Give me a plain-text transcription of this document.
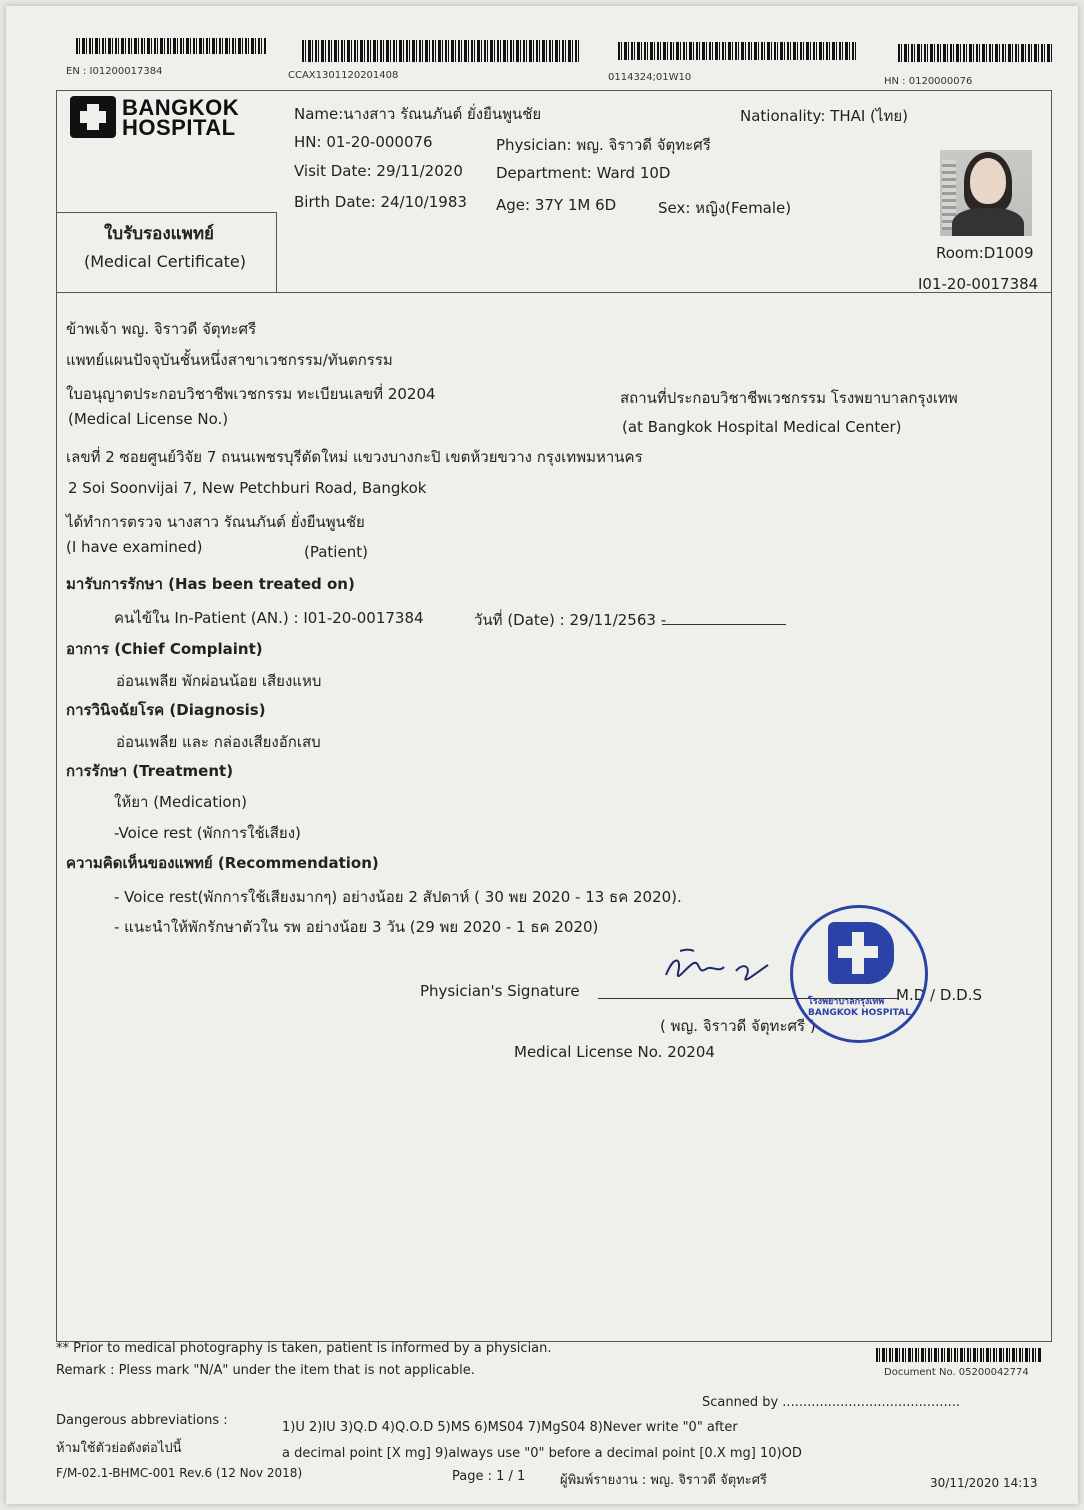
EN : I01200017384	CCAX1301120201408	0114324;01W10	HN : 0120000076
BANGKOK
HOSPITAL
ใบรับรองแพทย์
(Medical Certificate)
Name:นางสาว รัณนภันต์ ยั่งยืนพูนชัย	Nationality: THAI (ไทย)
HN: 01-20-000076	Physician: พญ. จิราวดี จัตุทะศรี
Visit Date: 29/11/2020 Department: Ward 10D
Birth Date: 24/10/1983 Age: 37Y 1M 6D	Sex: หญิง(Female)
Room:D1009
I01-20-0017384
ข้าพเจ้า พญ. จิราวดี จัตุทะศรี
แพทย์แผนปัจจุบันชั้นหนึ่งสาขาเวชกรรม/ทันตกรรม
ใบอนุญาตประกอบวิชาชีพเวชกรรม ทะเบียนเลขที่ 20204	สถานที่ประกอบวิชาชีพเวชกรรม โรงพยาบาลกรุงเทพ
(Medical License No.)	(at Bangkok Hospital Medical Center)
เลขที่ 2 ซอยศูนย์วิจัย 7 ถนนเพชรบุรีตัดใหม่ แขวงบางกะปิ เขตห้วยขวาง กรุงเทพมหานคร
2 Soi Soonvijai 7, New Petchburi Road, Bangkok
ได้ทำการตรวจ นางสาว รัณนภันต์ ยั่งยืนพูนชัย
(I have examined)	(Patient)
มารับการรักษา (Has been treated on)
คนไข้ใน In-Patient (AN.) : I01-20-0017384	วันที่ (Date) : 29/11/2563 -
อาการ (Chief Complaint)
อ่อนเพลีย พักผ่อนน้อย เสียงแหบ
การวินิจฉัยโรค (Diagnosis)
อ่อนเพลีย และ กล่องเสียงอักเสบ
การรักษา (Treatment)
ให้ยา (Medication)
-Voice rest (พักการใช้เสียง)
ความคิดเห็นของแพทย์ (Recommendation)
- Voice rest(พักการใช้เสียงมากๆ) อย่างน้อย 2 สัปดาห์ ( 30 พย 2020 - 13 ธค 2020).
- แนะนำให้พักรักษาตัวใน รพ อย่างน้อย 3 วัน (29 พย 2020 - 1 ธค 2020)
Physician's Signature	M.D / D.D.S
( พญ. จิราวดี จัตุทะศรี )
Medical License No. 20204
โรงพยาบาลกรุงเทพ
BANGKOK HOSPITAL
** Prior to medical photography is taken, patient is informed by a physician.
Remark : Pless mark "N/A" under the item that is not applicable.	Document No. 05200042774
Scanned by ...........................................
Dangerous abbreviations :
ห้ามใช้ตัวย่อดังต่อไปนี้
1)U 2)IU 3)Q.D 4)Q.O.D 5)MS 6)MS04 7)MgS04 8)Never write "0" after
a decimal point [X mg] 9)always use "0" before a decimal point [0.X mg] 10)OD
F/M-02.1-BHMC-001 Rev.6 (12 Nov 2018)	Page : 1 / 1	ผู้พิมพ์รายงาน : พญ. จิราวดี จัตุทะศรี	30/11/2020 14:13
